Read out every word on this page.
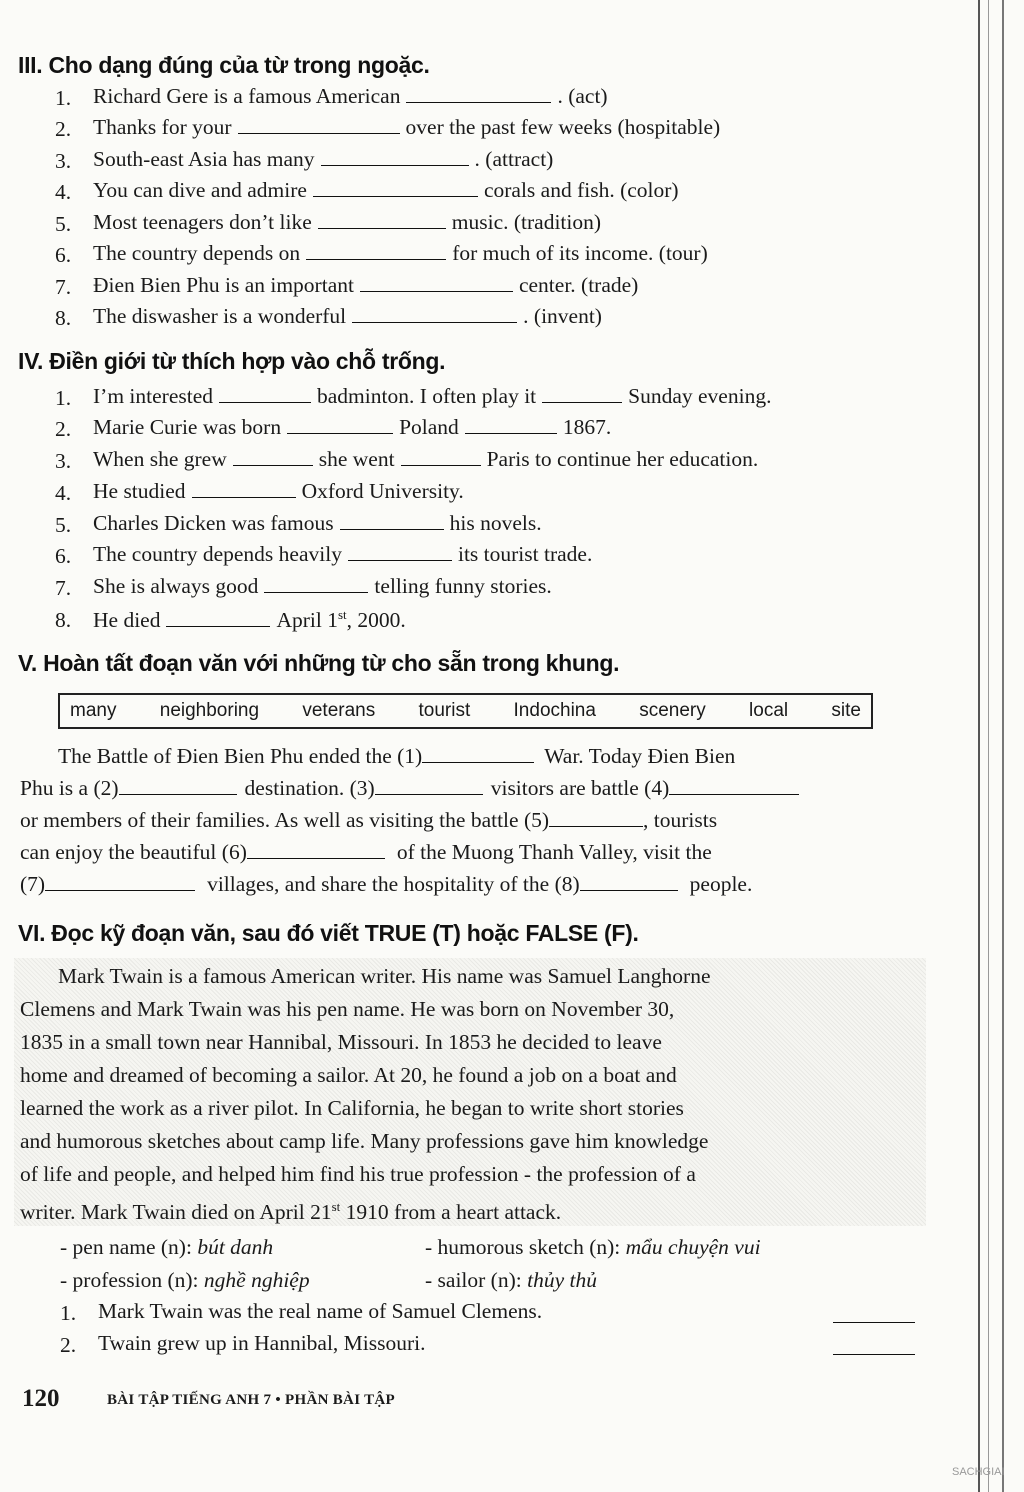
III. Cho dạng đúng của từ trong ngoặc.
1. Richard Gere is a famous American	. (act)
2. Thanks for your	over the past few weeks (hospitable)
3. South-east Asia has many	. (attract)
4. You can dive and admire	corals and fish. (color)
5. Most teenagers don’t like	music. (tradition)
6. The country depends on	for much of its income. (tour)
7. Đien Bien Phu is an important	center. (trade)
8. The diswasher is a wonderful	. (invent)
IV. Điền giới từ thích hợp vào chỗ trống.
1. I’m interested	badminton. I often play it	Sunday evening.
2. Marie Curie was born	Poland	1867.
3. When she grew	she went	Paris to continue her education.
4. He studied	Oxford University.
5. Charles Dicken was famous	his novels.
6. The country depends heavily	its tourist trade.
7. She is always good	telling funny stories.
8. He died	April 1st, 2000.
V. Hoàn tất đoạn văn với những từ cho sẵn trong khung.
many neighboring veterans tourist Indochina scenery local site
The Battle of Đien Bien Phu ended the (1)	War. Today Đien Bien
Phu is a (2)	destination. (3)	visitors are battle (4)
or members of their families. As well as visiting the battle (5)	, tourists
can enjoy the beautiful (6)	of the Muong Thanh Valley, visit the
(7)	villages, and share the hospitality of the (8)	people.
VI. Đọc kỹ đoạn văn, sau đó viết TRUE (T) hoặc FALSE (F).
Mark Twain is a famous American writer. His name was Samuel Langhorne
Clemens and Mark Twain was his pen name. He was born on November 30,
1835 in a small town near Hannibal, Missouri. In 1853 he decided to leave
home and dreamed of becoming a sailor. At 20, he found a job on a boat and
learned the work as a river pilot. In California, he began to write short stories
and humorous sketches about camp life. Many professions gave him knowledge
of life and people, and helped him find his true profession - the profession of a
writer. Mark Twain died on April 21st 1910 from a heart attack.
- pen name (n): bút danh	- humorous sketch (n): mẩu chuyện vui
- profession (n): nghề nghiệp	- sailor (n): thủy thủ
1. Mark Twain was the real name of Samuel Clemens.
2. Twain grew up in Hannibal, Missouri.
120	BÀI TẬP TIẾNG ANH 7 • PHẦN BÀI TẬP
SACHGIAI
